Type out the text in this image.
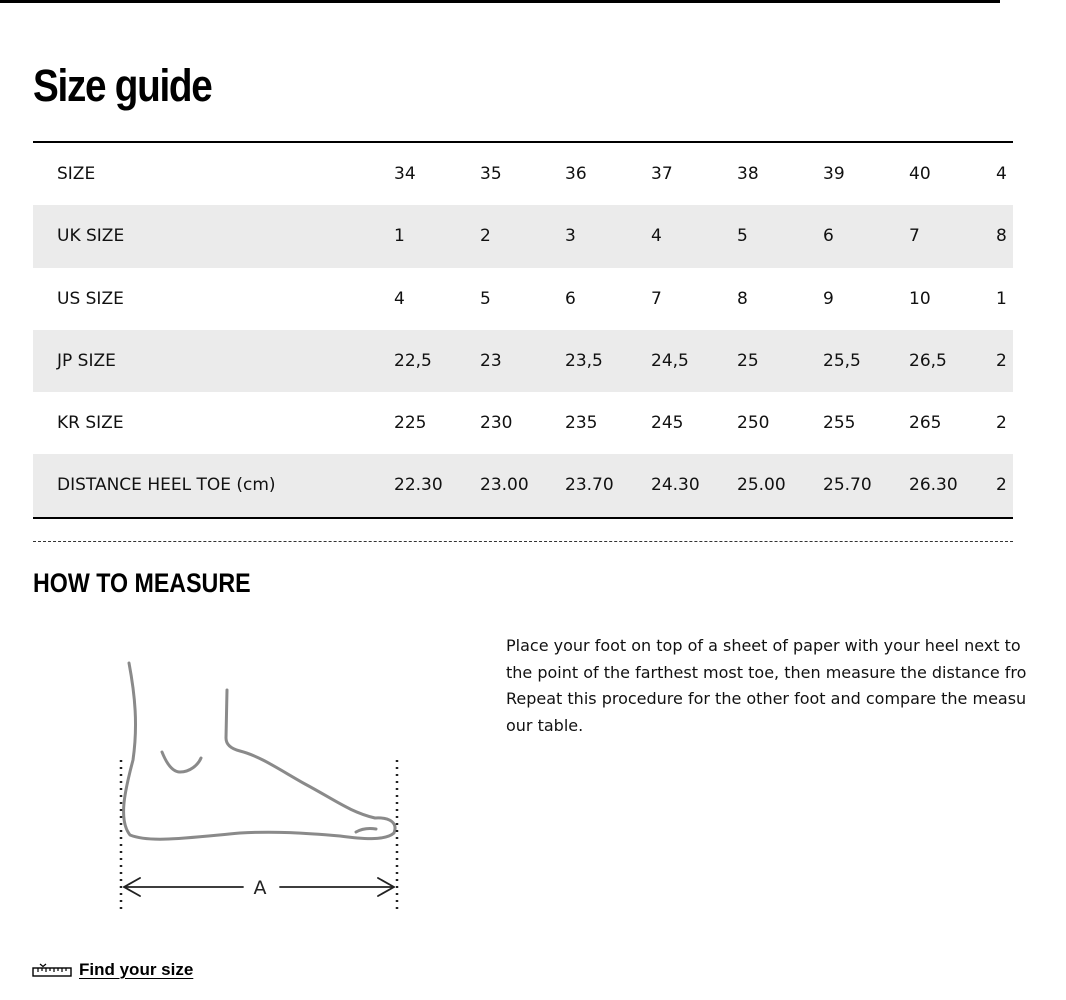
Size guide
SIZE	34	35	36	37	38	39	40	4
UK SIZE	1	2	3	4	5	6	7	8
US SIZE	4	5	6	7	8	9	10	1
JP SIZE	22,5	23	23,5	24,5	25	25,5	26,5	2
KR SIZE	225	230	235	245	250	255	265	2
DISTANCE HEEL TOE (cm)	22.30 23.00 23.70 24.30 25.00 25.70 26.30 2
HOW TO MEASURE
A

Place your foot on top of a sheet of paper with your heel next to

the point of the farthest most toe, then measure the distance fro

Repeat this procedure for the other foot and compare the measu

our table.

Find your size
